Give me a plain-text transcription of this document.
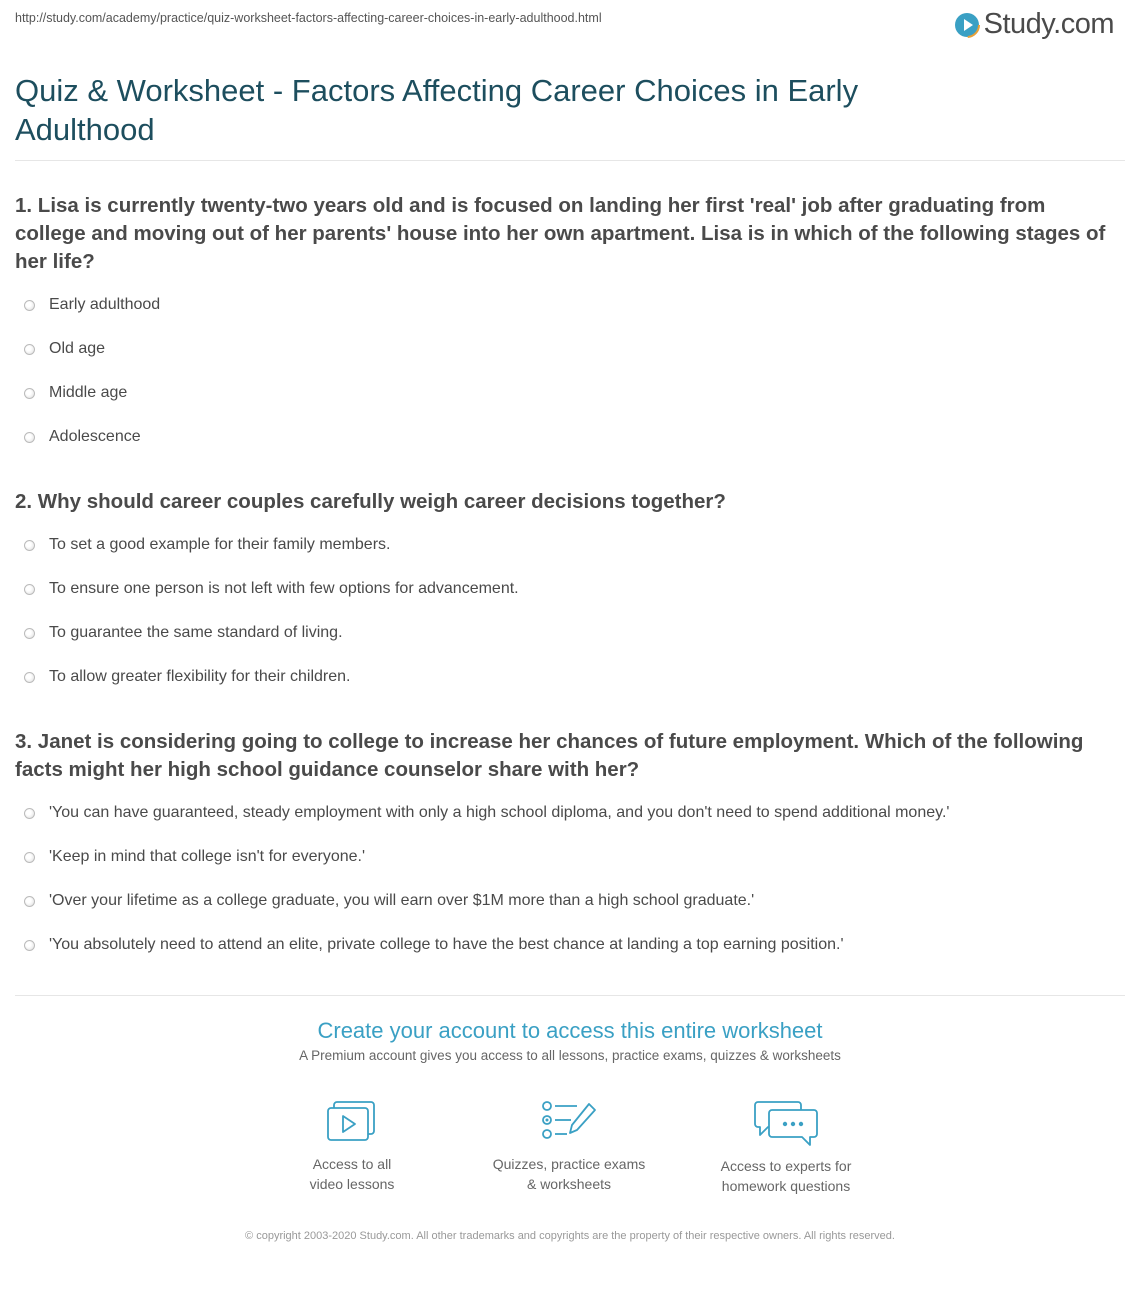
http://study.com/academy/practice/quiz-worksheet-factors-affecting-career-choices-in-early-adulthood.html	Study.com
Quiz & Worksheet - Factors Affecting Career Choices in Early Adulthood

1. Lisa is currently twenty-two years old and is focused on landing her first 'real' job after graduating from college and moving out of her parents' house into her own apartment. Lisa is in which of the following stages of her life?

Early adulthood
Old age
Middle age
Adolescence

2. Why should career couples carefully weigh career decisions together?

To set a good example for their family members.
To ensure one person is not left with few options for advancement.
To guarantee the same standard of living.
To allow greater flexibility for their children.

3. Janet is considering going to college to increase her chances of future employment. Which of the following facts might her high school guidance counselor share with her?

'You can have guaranteed, steady employment with only a high school diploma, and you don't need to spend additional money.'
'Keep in mind that college isn't for everyone.'
'Over your lifetime as a college graduate, you will earn over $1M more than a high school graduate.'
'You absolutely need to attend an elite, private college to have the best chance at landing a top earning position.'
Create your account to access this entire worksheet
A Premium account gives you access to all lessons, practice exams, quizzes & worksheets
Access to all
video lessons
Quizzes, practice exams
& worksheets
Access to experts for
homework questions
© copyright 2003-2020 Study.com. All other trademarks and copyrights are the property of their respective owners. All rights reserved.
